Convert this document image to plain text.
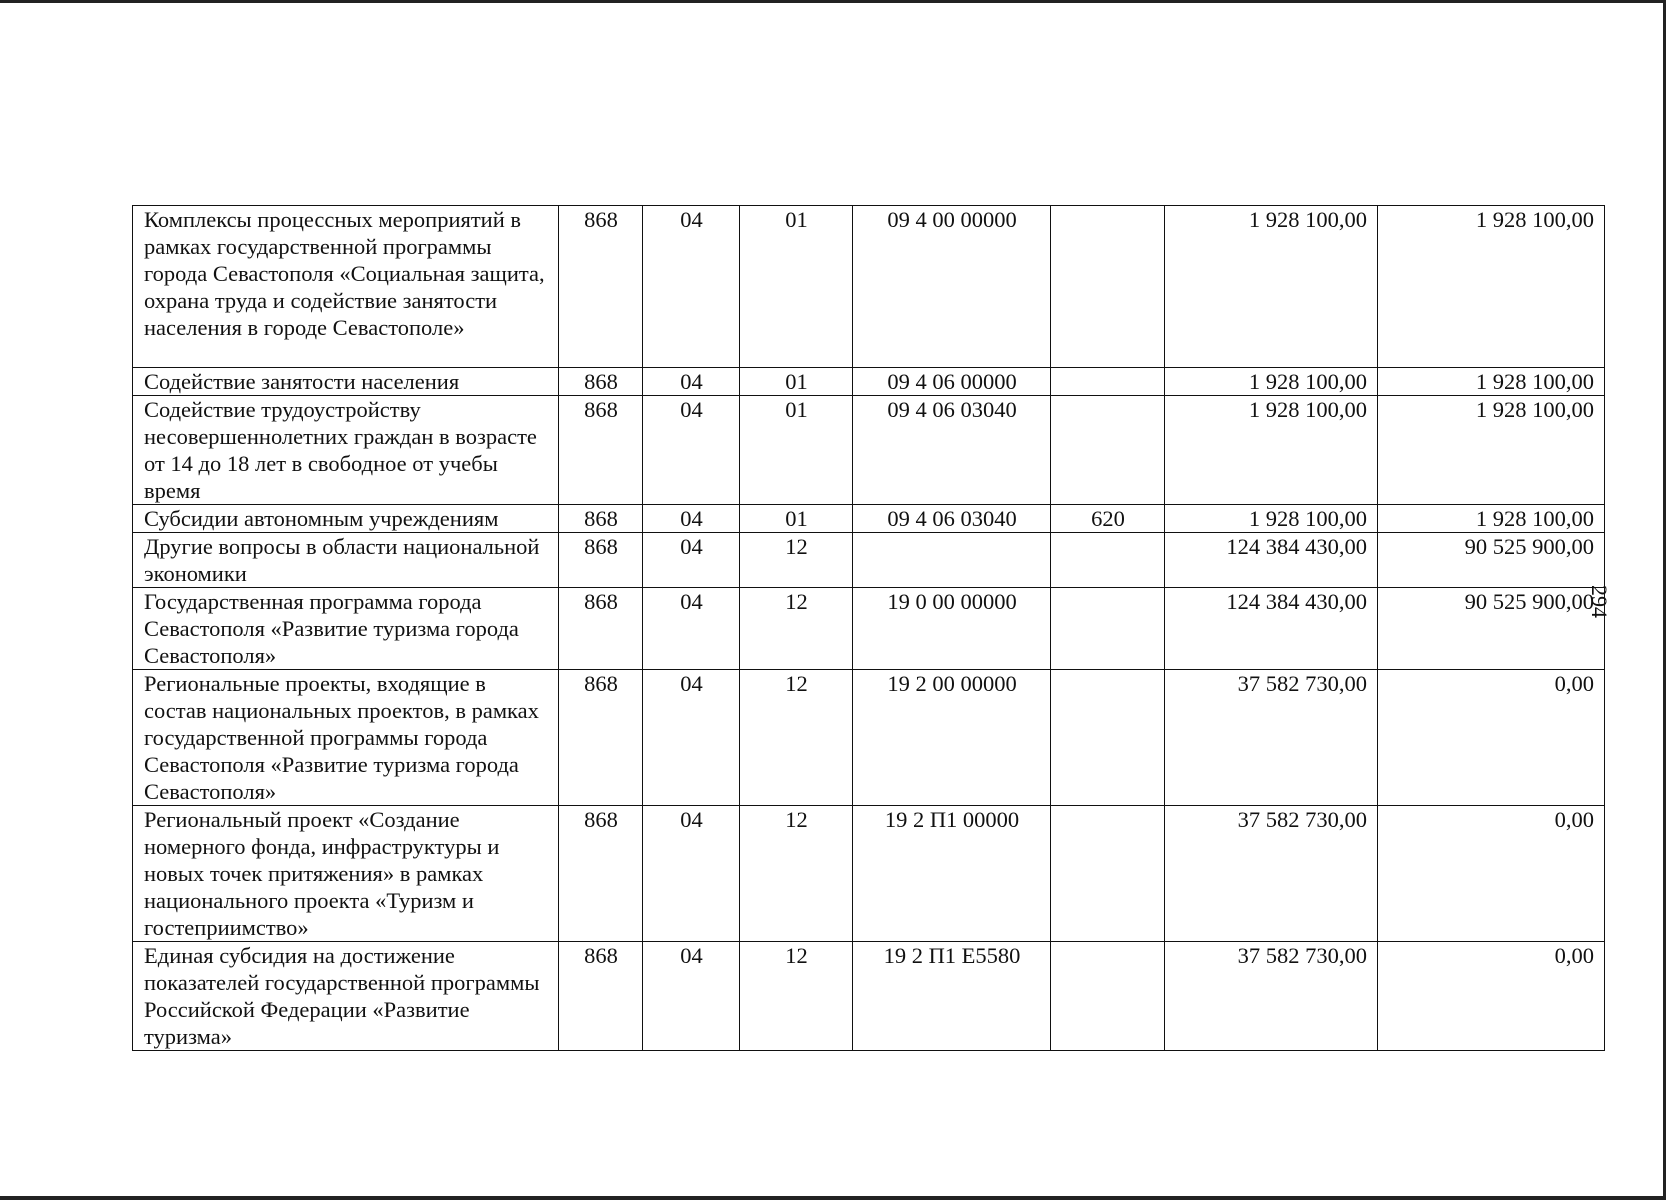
294
Комплексы процессных мероприятий в рамках государственной программы города Севастополя «Социальная защита, охрана труда и содействие занятости населения в городе Севастополе»	868	04	01	09 4 00 00000		1 928 100,00	1 928 100,00
Содействие занятости населения	868	04	01	09 4 06 00000		1 928 100,00	1 928 100,00
Содействие трудоустройству несовершеннолетних граждан в возрасте от 14 до 18 лет в свободное от учебы время	868	04	01	09 4 06 03040		1 928 100,00	1 928 100,00
Субсидии автономным учреждениям	868	04	01	09 4 06 03040	620	1 928 100,00	1 928 100,00
Другие вопросы в области национальной экономики	868	04	12			124 384 430,00	90 525 900,00
Государственная программа города Севастополя «Развитие туризма города Севастополя»	868	04	12	19 0 00 00000		124 384 430,00	90 525 900,00
Региональные проекты, входящие в состав национальных проектов, в рамках государственной программы города Севастополя «Развитие туризма города Севастополя»	868	04	12	19 2 00 00000		37 582 730,00	0,00
Региональный проект «Создание номерного фонда, инфраструктуры и новых точек притяжения» в рамках национального проекта «Туризм и гостеприимство»	868	04	12	19 2 П1 00000		37 582 730,00	0,00
Единая субсидия на достижение показателей государственной программы Российской Федерации «Развитие туризма»	868	04	12	19 2 П1 Е5580		37 582 730,00	0,00
